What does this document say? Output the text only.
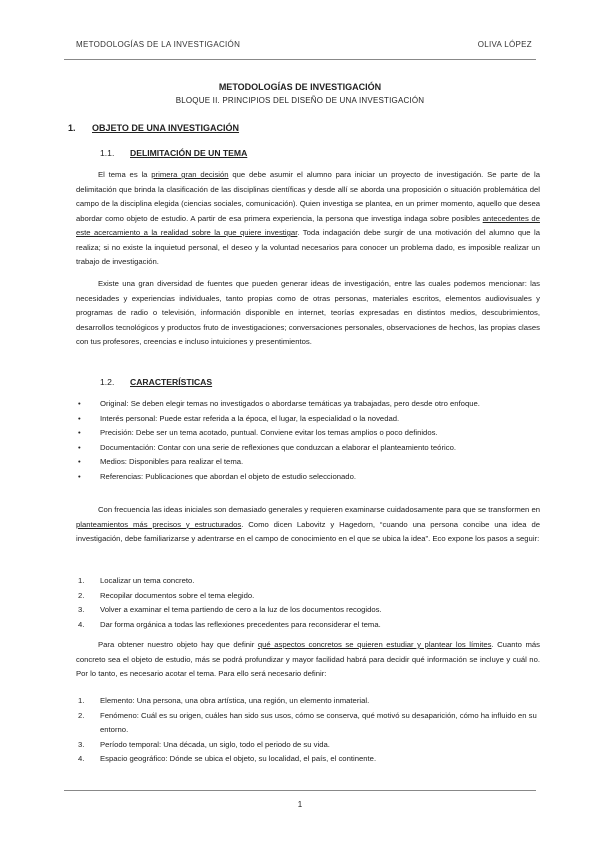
METODOLOGÍAS DE LA INVESTIGACIÓN	OLIVA LÓPEZ
METODOLOGÍAS DE INVESTIGACIÓN
BLOQUE II. PRINCIPIOS DEL DISEÑO DE UNA INVESTIGACIÓN
1. OBJETO DE UNA INVESTIGACIÓN
1.1. DELIMITACIÓN DE UN TEMA

El tema es la primera gran decisión que debe asumir el alumno para iniciar un proyecto de investigación. Se parte de la delimitación que brinda la clasificación de las disciplinas científicas y desde allí se aborda una proposición o situación problemática del campo de la disciplina elegida (ciencias sociales, comunicación). Quien investiga se plantea, en un primer momento, aquello que desea abordar como objeto de estudio. A partir de esa primera experiencia, la persona que investiga indaga sobre posibles antecedentes de este acercamiento a la realidad sobre la que quiere investigar. Toda indagación debe surgir de una motivación del alumno que la realiza; si no existe la inquietud personal, el deseo y la voluntad necesarios para conocer un problema dado, es imposible realizar un trabajo de investigación.

Existe una gran diversidad de fuentes que pueden generar ideas de investigación, entre las cuales podemos mencionar: las necesidades y experiencias individuales, tanto propias como de otras personas, materiales escritos, elementos audiovisuales y programas de radio o televisión, información disponible en internet, teorías expresadas en distintos medios, descubrimientos, desarrollos tecnológicos y productos fruto de investigaciones; conversaciones personales, observaciones de hechos, las propias clases con tus profesores, creencias e incluso intuiciones y presentimientos.

1.2. CARACTERÍSTICAS
•	Original: Se deben elegir temas no investigados o abordarse temáticas ya trabajadas, pero desde otro enfoque.
•	Interés personal: Puede estar referida a la época, el lugar, la especialidad o la novedad.
•	Precisión: Debe ser un tema acotado, puntual. Conviene evitar los temas amplios o poco definidos.
•	Documentación: Contar con una serie de reflexiones que conduzcan a elaborar el planteamiento teórico.
•	Medios: Disponibles para realizar el tema.
•	Referencias: Publicaciones que abordan el objeto de estudio seleccionado.

Con frecuencia las ideas iniciales son demasiado generales y requieren examinarse cuidadosamente para que se transformen en planteamientos más precisos y estructurados. Como dicen Labovitz y Hagedorn, “cuando una persona concibe una idea de investigación, debe familiarizarse y adentrarse en el campo de conocimiento en el que se ubica la idea”. Eco expone los pasos a seguir:

1. Localizar un tema concreto.
2. Recopilar documentos sobre el tema elegido.
3. Volver a examinar el tema partiendo de cero a la luz de los documentos recogidos.
4. Dar forma orgánica a todas las reflexiones precedentes para reconsiderar el tema.

Para obtener nuestro objeto hay que definir qué aspectos concretos se quieren estudiar y plantear los límites. Cuanto más concreto sea el objeto de estudio, más se podrá profundizar y mayor facilidad habrá para decidir qué información se incluye y cuál no. Por lo tanto, es necesario acotar el tema. Para ello será necesario definir:

1. Elemento: Una persona, una obra artística, una región, un elemento inmaterial.
2. Fenómeno: Cuál es su origen, cuáles han sido sus usos, cómo se conserva, qué motivó su desaparición, cómo ha influido en su entorno.
3. Período temporal: Una década, un siglo, todo el periodo de su vida.
4. Espacio geográfico: Dónde se ubica el objeto, su localidad, el país, el continente.
1
